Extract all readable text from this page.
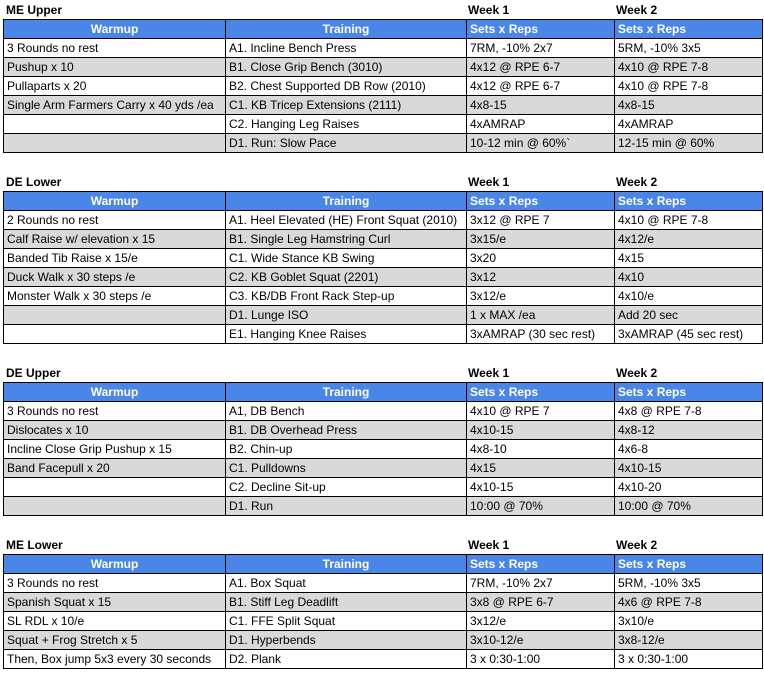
ME Upper	Week 1	Week 2
Warmup	Training	Sets x Reps	Sets x Reps
3 Rounds no rest	A1. Incline Bench Press	7RM, -10% 2x7	5RM, -10% 3x5
Pushup x 10	B1. Close Grip Bench (3010)	4x12 @ RPE 6-7	4x10 @ RPE 7-8
Pullaparts x 20	B2. Chest Supported DB Row (2010)	4x12 @ RPE 6-7	4x10 @ RPE 7-8
Single Arm Farmers Carry x 40 yds /ea	C1. KB Tricep Extensions (2111)	4x8-15	4x8-15
	C2. Hanging Leg Raises	4xAMRAP	4xAMRAP
	D1. Run: Slow Pace	10-12 min @ 60%`	12-15 min @ 60%
DE Lower	Week 1	Week 2
Warmup	Training	Sets x Reps	Sets x Reps
2 Rounds no rest	A1. Heel Elevated (HE) Front Squat (2010)	3x12 @ RPE 7	4x10 @ RPE 7-8
Calf Raise w/ elevation x 15	B1. Single Leg Hamstring Curl	3x15/e	4x12/e
Banded Tib Raise x 15/e	C1. Wide Stance KB Swing	3x20	4x15
Duck Walk x 30 steps /e	C2. KB Goblet Squat (2201)	3x12	4x10
Monster Walk x 30 steps /e	C3. KB/DB Front Rack Step-up	3x12/e	4x10/e
	D1. Lunge ISO	1 x MAX /ea	Add 20 sec
	E1. Hanging Knee Raises	3xAMRAP (30 sec rest)	3xAMRAP (45 sec rest)
DE Upper	Week 1	Week 2
Warmup	Training	Sets x Reps	Sets x Reps
3 Rounds no rest	A1, DB Bench	4x10 @ RPE 7	4x8 @ RPE 7-8
Dislocates x 10	B1. DB Overhead Press	4x10-15	4x8-12
Incline Close Grip Pushup x 15	B2. Chin-up	4x8-10	4x6-8
Band Facepull x 20	C1. Pulldowns	4x15	4x10-15
	C2. Decline Sit-up	4x10-15	4x10-20
	D1. Run	10:00 @ 70%	10:00 @ 70%
ME Lower	Week 1	Week 2
Warmup	Training	Sets x Reps	Sets x Reps
3 Rounds no rest	A1. Box Squat	7RM, -10% 2x7	5RM, -10% 3x5
Spanish Squat x 15	B1. Stiff Leg Deadlift	3x8 @ RPE 6-7	4x6 @ RPE 7-8
SL RDL x 10/e	C1. FFE Split Squat	3x12/e	3x10/e
Squat + Frog Stretch x 5	D1. Hyperbends	3x10-12/e	3x8-12/e
Then, Box jump 5x3 every 30 seconds	D2. Plank	3 x 0:30-1:00	3 x 0:30-1:00
